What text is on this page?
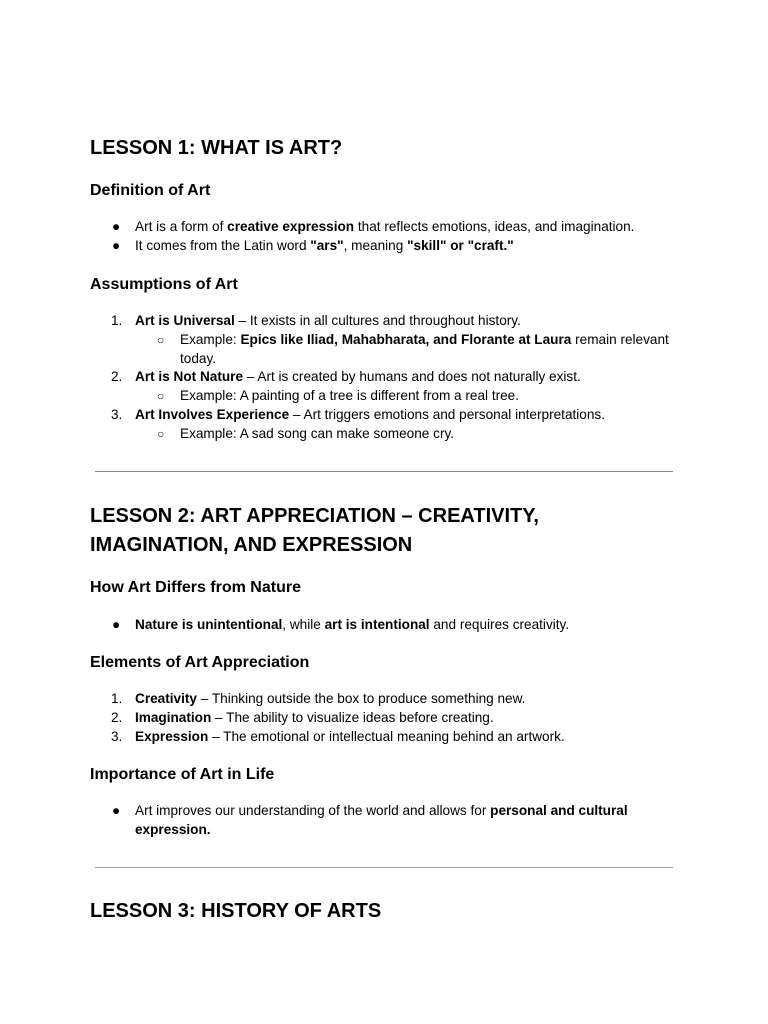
LESSON 1: WHAT IS ART?
Definition of Art
● Art is a form of creative expression that reflects emotions, ideas, and imagination.
● It comes from the Latin word "ars", meaning "skill" or "craft."
Assumptions of Art
1. Art is Universal – It exists in all cultures and throughout history.
○ Example: Epics like Iliad, Mahabharata, and Florante at Laura remain relevant today.
2. Art is Not Nature – Art is created by humans and does not naturally exist.
○ Example: A painting of a tree is different from a real tree.
3. Art Involves Experience – Art triggers emotions and personal interpretations.
○ Example: A sad song can make someone cry.
LESSON 2: ART APPRECIATION – CREATIVITY, IMAGINATION, AND EXPRESSION
How Art Differs from Nature
● Nature is unintentional, while art is intentional and requires creativity.
Elements of Art Appreciation
1. Creativity – Thinking outside the box to produce something new.
2. Imagination – The ability to visualize ideas before creating.
3. Expression – The emotional or intellectual meaning behind an artwork.
Importance of Art in Life
● Art improves our understanding of the world and allows for personal and cultural expression.
LESSON 3: HISTORY OF ARTS
